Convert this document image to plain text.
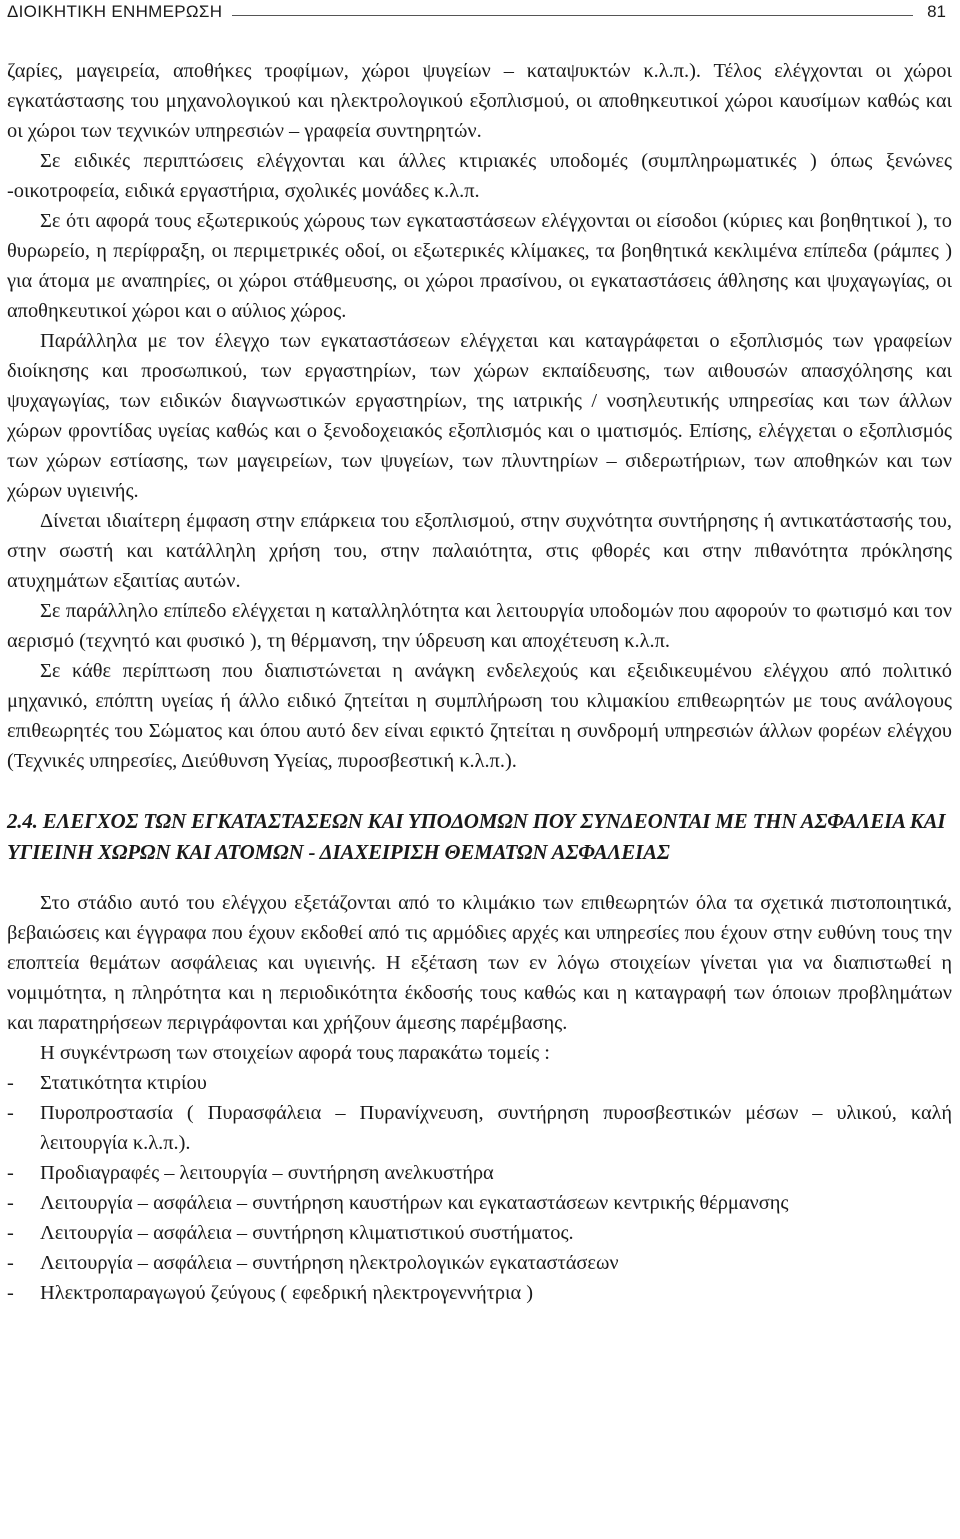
ΔΙΟΙΚΗΤΙΚΗ ΕΝΗΜΕΡΩΣΗ	81

ζαρίες, μαγειρεία, αποθήκες τροφίμων, χώροι ψυγείων – καταψυκτών κ.λ.π.). Τέλος ελέγχονται οι χώροι εγκατάστασης του μηχανολογικού και ηλεκτρολογικού εξοπλισμού, οι αποθηκευτικοί χώροι καυσίμων καθώς και οι χώροι των τεχνικών υπηρεσιών – γραφεία συντηρητών.

Σε ειδικές περιπτώσεις ελέγχονται και άλλες κτιριακές υποδομές (συμπληρωματικές ) όπως ξενώνες -οικοτροφεία, ειδικά εργαστήρια, σχολικές μονάδες κ.λ.π.

Σε ότι αφορά τους εξωτερικούς χώρους των εγκαταστάσεων ελέγχονται οι είσοδοι (κύριες και βοηθητικοί ), το θυρωρείο, η περίφραξη, οι περιμετρικές οδοί, οι εξωτερικές κλίμακες, τα βοηθητικά κεκλιμένα επίπεδα (ράμπες ) για άτομα με αναπηρίες, οι χώροι στάθμευσης, οι χώροι πρασίνου, οι εγκαταστάσεις άθλησης και ψυχαγωγίας, οι αποθηκευτικοί χώροι και ο αύλιος χώρος.

Παράλληλα με τον έλεγχο των εγκαταστάσεων ελέγχεται και καταγράφεται ο εξοπλισμός των γραφείων διοίκησης και προσωπικού, των εργαστηρίων, των χώρων εκπαίδευσης, των αιθουσών απασχόλησης και ψυχαγωγίας, των ειδικών διαγνωστικών εργαστηρίων, της ιατρικής / νοσηλευτικής υπηρεσίας και των άλλων χώρων φροντίδας υγείας καθώς και ο ξενοδοχειακός εξοπλισμός και ο ιματισμός. Επίσης, ελέγχεται ο εξοπλισμός των χώρων εστίασης, των μαγειρείων, των ψυγείων, των πλυντηρίων – σιδερωτήριων, των αποθηκών και των χώρων υγιεινής.

Δίνεται ιδιαίτερη έμφαση στην επάρκεια του εξοπλισμού, στην συχνότητα συντήρησης ή αντικατάστασής του, στην σωστή και κατάλληλη χρήση του, στην παλαιότητα, στις φθορές και στην πιθανότητα πρόκλησης ατυχημάτων εξαιτίας αυτών.

Σε παράλληλο επίπεδο ελέγχεται η καταλληλότητα και λειτουργία υποδομών που αφορούν το φωτισμό και τον αερισμό (τεχνητό και φυσικό ), τη θέρμανση, την ύδρευση και αποχέτευση κ.λ.π.

Σε κάθε περίπτωση που διαπιστώνεται η ανάγκη ενδελεχούς και εξειδικευμένου ελέγχου από πολιτικό μηχανικό, επόπτη υγείας ή άλλο ειδικό ζητείται η συμπλήρωση του κλιμακίου επιθεωρητών με τους ανάλογους επιθεωρητές του Σώματος και όπου αυτό δεν είναι εφικτό ζητείται η συνδρομή υπηρεσιών άλλων φορέων ελέγχου (Τεχνικές υπηρεσίες, Διεύθυνση Υγείας, πυροσβεστική κ.λ.π.).

2.4. ΕΛΕΓΧΟΣ ΤΩΝ ΕΓΚΑΤΑΣΤΑΣΕΩΝ ΚΑΙ ΥΠΟΔΟΜΩΝ ΠΟΥ ΣΥΝΔΕΟΝΤΑΙ ΜΕ ΤΗΝ ΑΣΦΑΛΕΙΑ ΚΑΙ ΥΓΙΕΙΝΗ ΧΩΡΩΝ ΚΑΙ ΑΤΟΜΩΝ - ΔΙΑΧΕΙΡΙΣΗ ΘΕΜΑΤΩΝ ΑΣΦΑΛΕΙΑΣ

Στο στάδιο αυτό του ελέγχου εξετάζονται από το κλιμάκιο των επιθεωρητών όλα τα σχετικά πιστοποιητικά, βεβαιώσεις και έγγραφα που έχουν εκδοθεί από τις αρμόδιες αρχές και υπηρεσίες που έχουν στην ευθύνη τους την εποπτεία θεμάτων ασφάλειας και υγιεινής. Η εξέταση των εν λόγω στοιχείων γίνεται για να διαπιστωθεί η νομιμότητα, η πληρότητα και η περιοδικότητα έκδοσής τους καθώς και η καταγραφή των όποιων προβλημάτων και παρατηρήσεων περιγράφονται και χρήζουν άμεσης παρέμβασης.

Η συγκέντρωση των στοιχείων αφορά τους παρακάτω τομείς :

- Στατικότητα κτιρίου
- Πυροπροστασία ( Πυρασφάλεια – Πυρανίχνευση, συντήρηση πυροσβεστικών μέσων – υλικού, καλή λειτουργία κ.λ.π.).
- Προδιαγραφές – λειτουργία – συντήρηση ανελκυστήρα
- Λειτουργία – ασφάλεια – συντήρηση καυστήρων και εγκαταστάσεων κεντρικής θέρμανσης
- Λειτουργία – ασφάλεια – συντήρηση κλιματιστικού συστήματος.
- Λειτουργία – ασφάλεια – συντήρηση ηλεκτρολογικών εγκαταστάσεων
- Ηλεκτροπαραγωγού ζεύγους ( εφεδρική ηλεκτρογεννήτρια )
